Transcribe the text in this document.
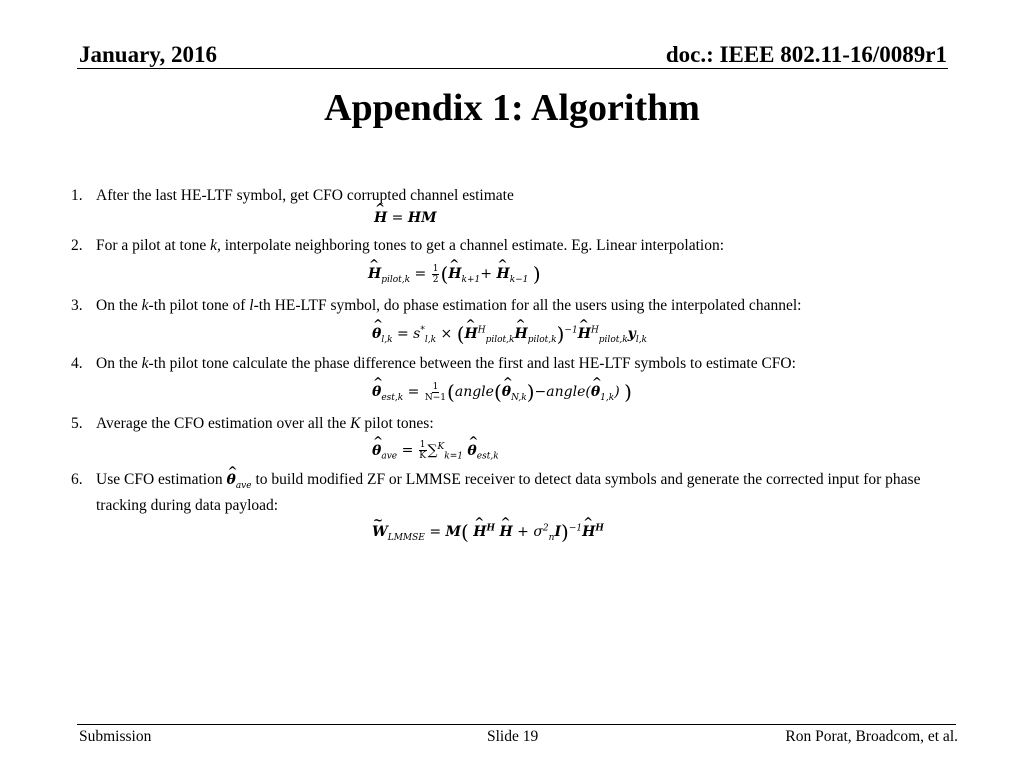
January, 2016	doc.: IEEE 802.11-16/0089r1
Appendix 1: Algorithm
1. After the last HE-LTF symbol, get CFO corrupted channel estimate
^ H = HM
2. For a pilot at tone k, interpolate neighboring tones to get a channel estimate. Eg. Linear interpolation:
^ $H_{pilot,k} = \frac{1}{2}$ (^ $H_{k+1}+$ ^ $H_{k-1}$ )
3. On the k-th pilot tone of l-th HE-LTF symbol, do phase estimation for all the users using the interpolated channel:
^ $\theta_{l,k} = s^*_{l,k}$ × (^ $H^H_{pilot,k}\^{}$ $H_{pilot,k})^{-1}\^{}$ $H^H_{pilot,k}y_{l,k}$
4. On the k-th pilot tone calculate the phase difference between the first and last HE-LTF symbols to estimate CFO:
^ $\theta_{est,k} = \frac{1}{N-1}$ (angle(^ $\theta_{N,k})-angle(\^{}$ $\theta_{1,k}$) )
5. Average the CFO estimation over all the K pilot tones:
^ $\theta_{ave} = \frac{1}{K} \sum^K_{k=1}$ ^ $\theta_{est,k}$
6. Use CFO estimation ^ $\theta_{ave}$ to build modified ZF or LMMSE receiver to detect data symbols and generate the corrected input for phase tracking during data payload:
~ $W_{LMMSE} = M$( ^ $H^H$ ^ $H + \sigma^2_nI)^{-1}\^{}$ $H^H$
Submission	Slide 19	Ron Porat, Broadcom, et al.
